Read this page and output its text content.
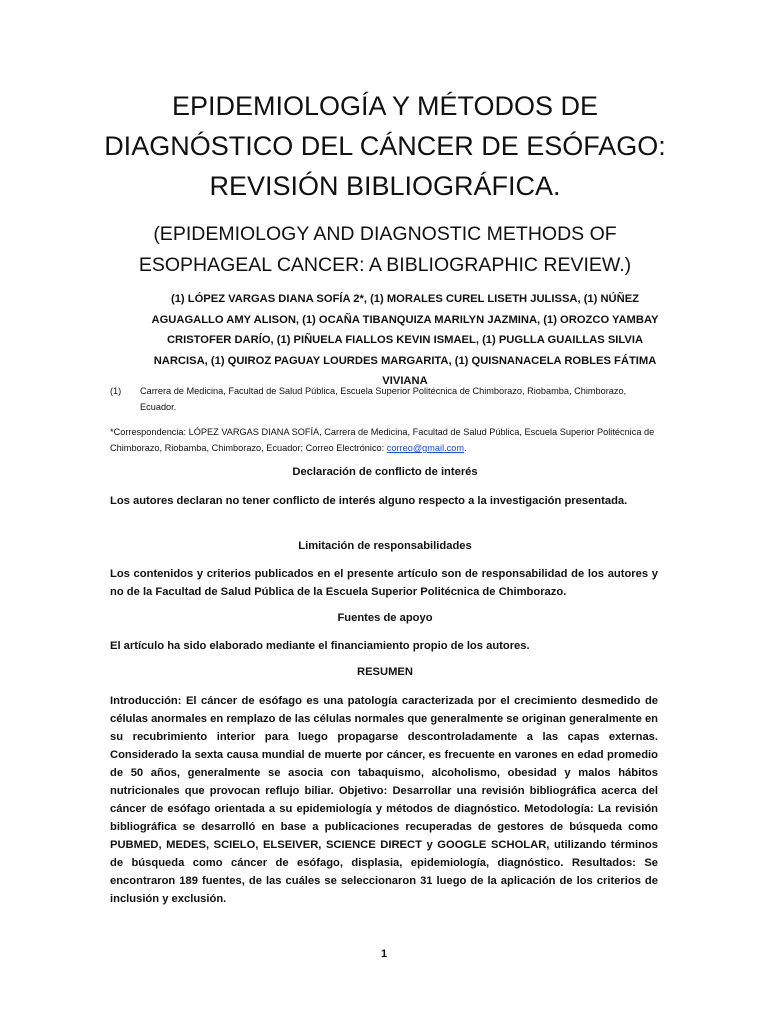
EPIDEMIOLOGÍA Y MÉTODOS DE DIAGNÓSTICO DEL CÁNCER DE ESÓFAGO: REVISIÓN BIBLIOGRÁFICA.
(EPIDEMIOLOGY AND DIAGNOSTIC METHODS OF ESOPHAGEAL CANCER: A BIBLIOGRAPHIC REVIEW.)
(1) LÓPEZ VARGAS DIANA SOFÍA 2*, (1) MORALES CUREL LISETH JULISSA, (1) NÚÑEZ AGUAGALLO AMY ALISON, (1) OCAÑA TIBANQUIZA MARILYN JAZMINA, (1) OROZCO YAMBAY CRISTOFER DARÍO, (1) PIÑUELA FIALLOS KEVIN ISMAEL, (1) PUGLLA GUAILLAS SILVIA NARCISA, (1) QUIROZ PAGUAY LOURDES MARGARITA, (1) QUISNANACELA ROBLES FÁTIMA VIVIANA
(1)	Carrera de Medicina, Facultad de Salud Pública, Escuela Superior Politécnica de Chimborazo, Riobamba, Chimborazo, Ecuador.
*Correspondencia: LÓPEZ VARGAS DIANA SOFÍA, Carrera de Medicina, Facultad de Salud Pública, Escuela Superior Politécnica de Chimborazo, Riobamba, Chimborazo, Ecuador; Correo Electrónico: correo@gmail.com.
Declaración de conflicto de interés
Los autores declaran no tener conflicto de interés alguno respecto a la investigación presentada.
Limitación de responsabilidades
Los contenidos y criterios publicados en el presente artículo son de responsabilidad de los autores y no de la Facultad de Salud Pública de la Escuela Superior Politécnica de Chimborazo.
Fuentes de apoyo
El artículo ha sido elaborado mediante el financiamiento propio de los autores.
RESUMEN
Introducción: El cáncer de esófago es una patología caracterizada por el crecimiento desmedido de células anormales en remplazo de las células normales que generalmente se originan generalmente en su recubrimiento interior para luego propagarse descontroladamente a las capas externas. Considerado la sexta causa mundial de muerte por cáncer, es frecuente en varones en edad promedio de 50 años, generalmente se asocia con tabaquismo, alcoholismo, obesidad y malos hábitos nutricionales que provocan reflujo biliar. Objetivo: Desarrollar una revisión bibliográfica acerca del cáncer de esófago orientada a su epidemiología y métodos de diagnóstico. Metodología: La revisión bibliográfica se desarrolló en base a publicaciones recuperadas de gestores de búsqueda como PUBMED, MEDES, SCIELO, ELSEIVER, SCIENCE DIRECT y GOOGLE SCHOLAR, utilizando términos de búsqueda como cáncer de esófago, displasia, epidemiología, diagnóstico. Resultados: Se encontraron 189 fuentes, de las cuáles se seleccionaron 31 luego de la aplicación de los criterios de inclusión y exclusión.
1
